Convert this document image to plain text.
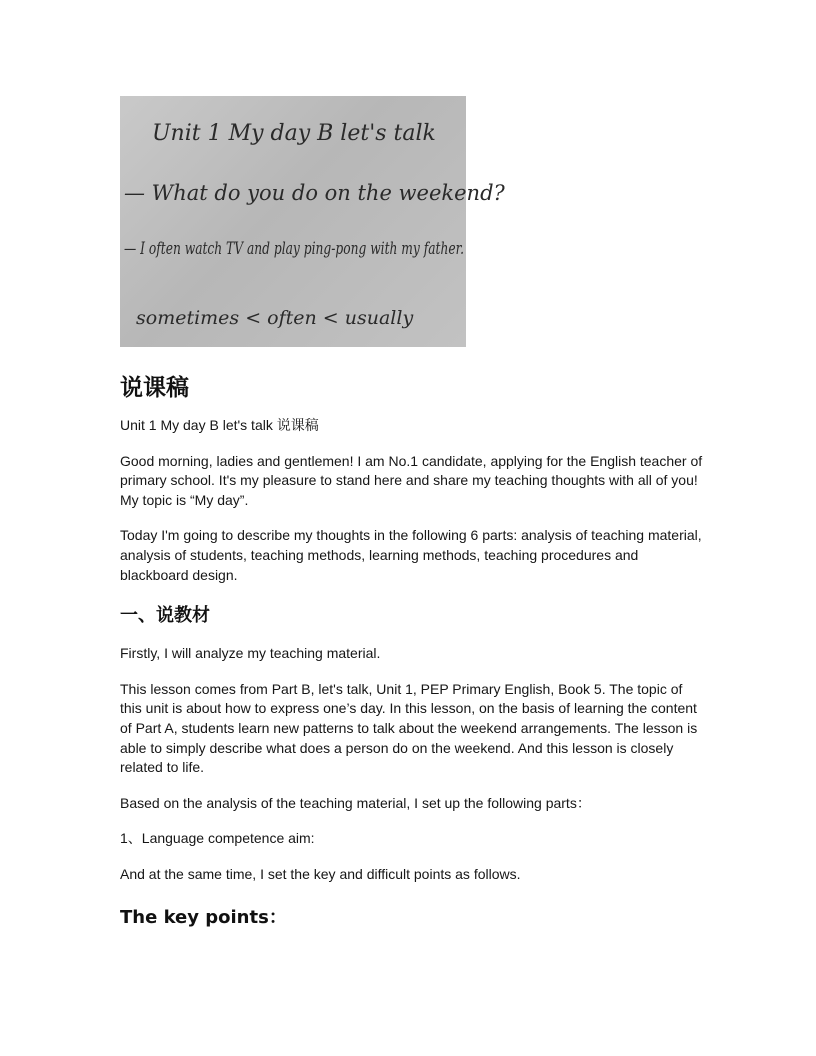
Unit 1 My day B let's talk
— What do you do on the weekend?
— I often watch TV and play ping-pong with my father.
sometimes < often < usually
说课稿

Unit 1 My day B let's talk 说课稿

Good morning, ladies and gentlemen! I am No.1 candidate, applying for the English teacher of primary school. It's my pleasure to stand here and share my teaching thoughts with all of you! My topic is “My day”.

Today I'm going to describe my thoughts in the following 6 parts: analysis of teaching material, analysis of students, teaching methods, learning methods, teaching procedures and blackboard design.

一、说教材

Firstly, I will analyze my teaching material.

This lesson comes from Part B, let's talk, Unit 1, PEP Primary English, Book 5. The topic of this unit is about how to express one’s day. In this lesson, on the basis of learning the content of Part A, students learn new patterns to talk about the weekend arrangements. The lesson is able to simply describe what does a person do on the weekend. And this lesson is closely related to life.

Based on the analysis of the teaching material, I set up the following parts：

1、Language competence aim:

And at the same time, I set the key and difficult points as follows.

The key points：
